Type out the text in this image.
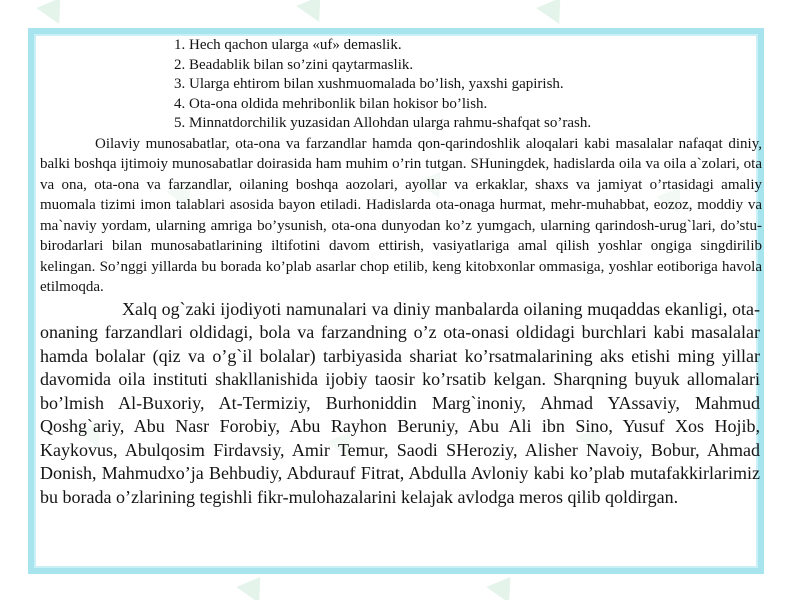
1. Hech qachon ularga «uf» demaslik.
2. Beadablik bilan so’zini qaytarmaslik.
3. Ularga ehtirom bilan xushmuomalada bo’lish, yaxshi gapirish.
4. Ota-ona oldida mehribonlik bilan hokisor bo’lish.
5. Minnatdorchilik yuzasidan Allohdan ularga rahmu-shafqat so’rash.

Oilaviy munosabatlar, ota-ona va farzandlar hamda qon-qarindoshlik aloqalari kabi masalalar nafaqat diniy, balki boshqa ijtimoiy munosabatlar doirasida ham muhim o’rin tutgan. SHuningdek, hadislarda oila va oila a`zolari, ota va ona, ota-ona va farzandlar, oilaning boshqa aozolari, ayollar va erkaklar, shaxs va jamiyat o’rtasidagi amaliy muomala tizimi imon talablari asosida bayon etiladi. Hadislarda ota-onaga hurmat, mehr-muhabbat, eozoz, moddiy va ma`naviy yordam, ularning amriga bo’ysunish, ota-ona dunyodan ko’z yumgach, ularning qarindosh-urug`lari, do’stu-birodarlari bilan munosabatlarining iltifotini davom ettirish, vasiyatlariga amal qilish yoshlar ongiga singdirilib kelingan. So’nggi yillarda bu borada ko’plab asarlar chop etilib, keng kitobxonlar ommasiga, yoshlar eotiboriga havola etilmoqda.

Xalq og`zaki ijodiyoti namunalari va diniy manbalarda oilaning muqaddas ekanligi, ota-onaning farzandlari oldidagi, bola va farzandning o’z ota-onasi oldidagi burchlari kabi masalalar hamda bolalar (qiz va o’g`il bolalar) tarbiyasida shariat ko’rsatmalarining aks etishi ming yillar davomida oila instituti shakllanishida ijobiy taosir ko’rsatib kelgan. Sharqning buyuk allomalari bo’lmish Al-Buxoriy, At-Termiziy, Burhoniddin Marg`inoniy, Ahmad YAssaviy, Mahmud Qoshg`ariy, Abu Nasr Forobiy, Abu Rayhon Beruniy, Abu Ali ibn Sino, Yusuf Xos Hojib, Kaykovus, Abulqosim Firdavsiy, Amir Temur, Saodi SHeroziy, Alisher Navoiy, Bobur, Ahmad Donish, Mahmudxo’ja Behbudiy, Abdurauf Fitrat, Abdulla Avloniy kabi ko’plab mutafakkirlarimiz bu borada o’zlarining tegishli fikr-mulohazalarini kelajak avlodga meros qilib qoldirgan.
